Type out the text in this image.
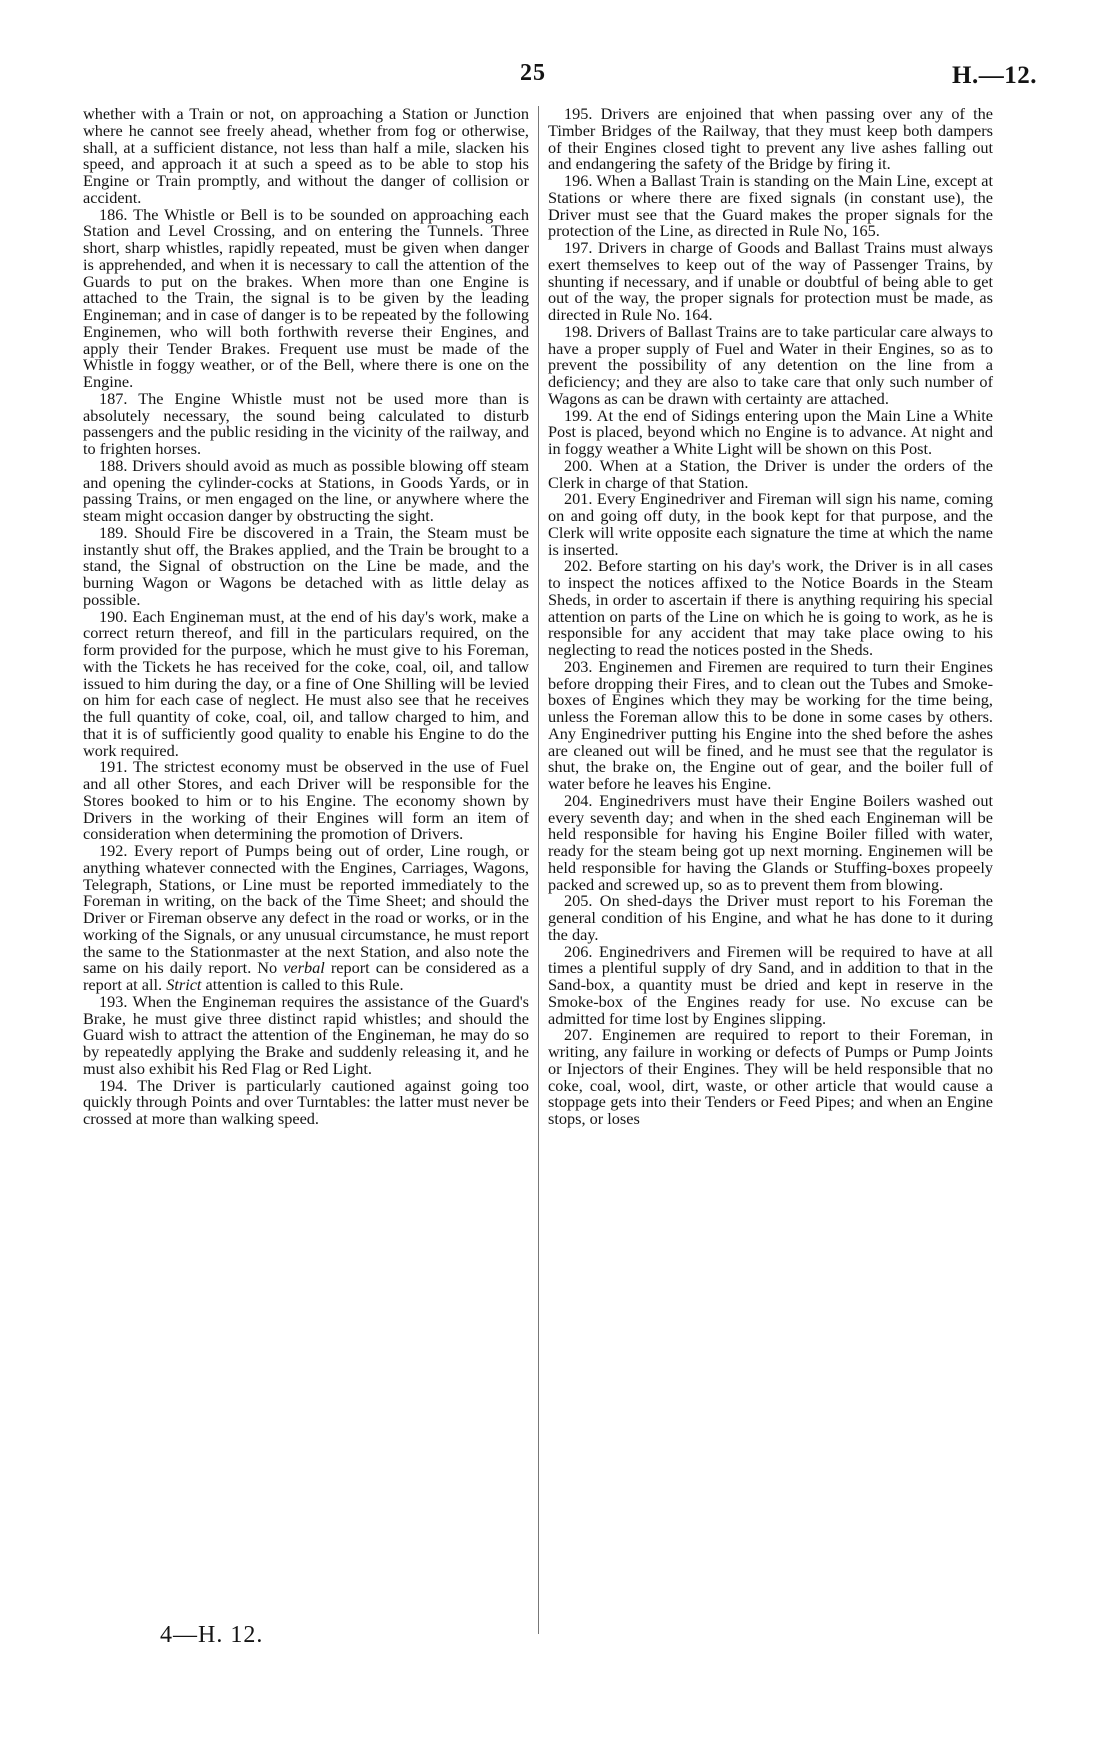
25	H.—12.

whether with a Train or not, on approaching a Station or Junction where he cannot see freely ahead, whether from fog or otherwise, shall, at a sufficient distance, not less than half a mile, slacken his speed, and approach it at such a speed as to be able to stop his Engine or Train promptly, and without the danger of collision or accident.

186. The Whistle or Bell is to be sounded on approaching each Station and Level Crossing, and on entering the Tunnels. Three short, sharp whistles, rapidly repeated, must be given when danger is apprehended, and when it is necessary to call the attention of the Guards to put on the brakes. When more than one Engine is attached to the Train, the signal is to be given by the leading Engineman; and in case of danger is to be repeated by the following Enginemen, who will both forthwith reverse their Engines, and apply their Tender Brakes. Frequent use must be made of the Whistle in foggy weather, or of the Bell, where there is one on the Engine.

187. The Engine Whistle must not be used more than is absolutely necessary, the sound being calculated to disturb passengers and the public residing in the vicinity of the railway, and to frighten horses.

188. Drivers should avoid as much as possible blowing off steam and opening the cylinder-cocks at Stations, in Goods Yards, or in passing Trains, or men engaged on the line, or anywhere where the steam might occasion danger by obstructing the sight.

189. Should Fire be discovered in a Train, the Steam must be instantly shut off, the Brakes applied, and the Train be brought to a stand, the Signal of obstruction on the Line be made, and the burning Wagon or Wagons be detached with as little delay as possible.

190. Each Engineman must, at the end of his day's work, make a correct return thereof, and fill in the particulars required, on the form provided for the purpose, which he must give to his Foreman, with the Tickets he has received for the coke, coal, oil, and tallow issued to him during the day, or a fine of One Shilling will be levied on him for each case of neglect. He must also see that he receives the full quantity of coke, coal, oil, and tallow charged to him, and that it is of sufficiently good quality to enable his Engine to do the work required.

191. The strictest economy must be observed in the use of Fuel and all other Stores, and each Driver will be responsible for the Stores booked to him or to his Engine. The economy shown by Drivers in the working of their Engines will form an item of consideration when determining the promotion of Drivers.

192. Every report of Pumps being out of order, Line rough, or anything whatever connected with the Engines, Carriages, Wagons, Telegraph, Stations, or Line must be reported immediately to the Foreman in writing, on the back of the Time Sheet; and should the Driver or Fireman observe any defect in the road or works, or in the working of the Signals, or any unusual circumstance, he must report the same to the Stationmaster at the next Station, and also note the same on his daily report. No verbal report can be considered as a report at all. Strict attention is called to this Rule.

193. When the Engineman requires the assistance of the Guard's Brake, he must give three distinct rapid whistles; and should the Guard wish to attract the attention of the Engineman, he may do so by repeatedly applying the Brake and suddenly releasing it, and he must also exhibit his Red Flag or Red Light.

194. The Driver is particularly cautioned against going too quickly through Points and over Turntables: the latter must never be crossed at more than walking speed.

195. Drivers are enjoined that when passing over any of the Timber Bridges of the Railway, that they must keep both dampers of their Engines closed tight to prevent any live ashes falling out and endangering the safety of the Bridge by firing it.

196. When a Ballast Train is standing on the Main Line, except at Stations or where there are fixed signals (in constant use), the Driver must see that the Guard makes the proper signals for the protection of the Line, as directed in Rule No, 165.

197. Drivers in charge of Goods and Ballast Trains must always exert themselves to keep out of the way of Passenger Trains, by shunting if necessary, and if unable or doubtful of being able to get out of the way, the proper signals for protection must be made, as directed in Rule No. 164.

198. Drivers of Ballast Trains are to take particular care always to have a proper supply of Fuel and Water in their Engines, so as to prevent the possibility of any detention on the line from a deficiency; and they are also to take care that only such number of Wagons as can be drawn with certainty are attached.

199. At the end of Sidings entering upon the Main Line a White Post is placed, beyond which no Engine is to advance. At night and in foggy weather a White Light will be shown on this Post.

200. When at a Station, the Driver is under the orders of the Clerk in charge of that Station.

201. Every Enginedriver and Fireman will sign his name, coming on and going off duty, in the book kept for that purpose, and the Clerk will write opposite each signature the time at which the name is inserted.

202. Before starting on his day's work, the Driver is in all cases to inspect the notices affixed to the Notice Boards in the Steam Sheds, in order to ascertain if there is anything requiring his special attention on parts of the Line on which he is going to work, as he is responsible for any accident that may take place owing to his neglecting to read the notices posted in the Sheds.

203. Enginemen and Firemen are required to turn their Engines before dropping their Fires, and to clean out the Tubes and Smoke-boxes of Engines which they may be working for the time being, unless the Foreman allow this to be done in some cases by others. Any Enginedriver putting his Engine into the shed before the ashes are cleaned out will be fined, and he must see that the regulator is shut, the brake on, the Engine out of gear, and the boiler full of water before he leaves his Engine.

204. Enginedrivers must have their Engine Boilers washed out every seventh day; and when in the shed each Engineman will be held responsible for having his Engine Boiler filled with water, ready for the steam being got up next morning. Enginemen will be held responsible for having the Glands or Stuffing-boxes propeely packed and screwed up, so as to prevent them from blowing.

205. On shed-days the Driver must report to his Foreman the general condition of his Engine, and what he has done to it during the day.

206. Enginedrivers and Firemen will be required to have at all times a plentiful supply of dry Sand, and in addition to that in the Sand-box, a quantity must be dried and kept in reserve in the Smoke-box of the Engines ready for use. No excuse can be admitted for time lost by Engines slipping.

207. Enginemen are required to report to their Foreman, in writing, any failure in working or defects of Pumps or Pump Joints or Injectors of their Engines. They will be held responsible that no coke, coal, wool, dirt, waste, or other article that would cause a stoppage gets into their Tenders or Feed Pipes; and when an Engine stops, or loses

4—H. 12.
